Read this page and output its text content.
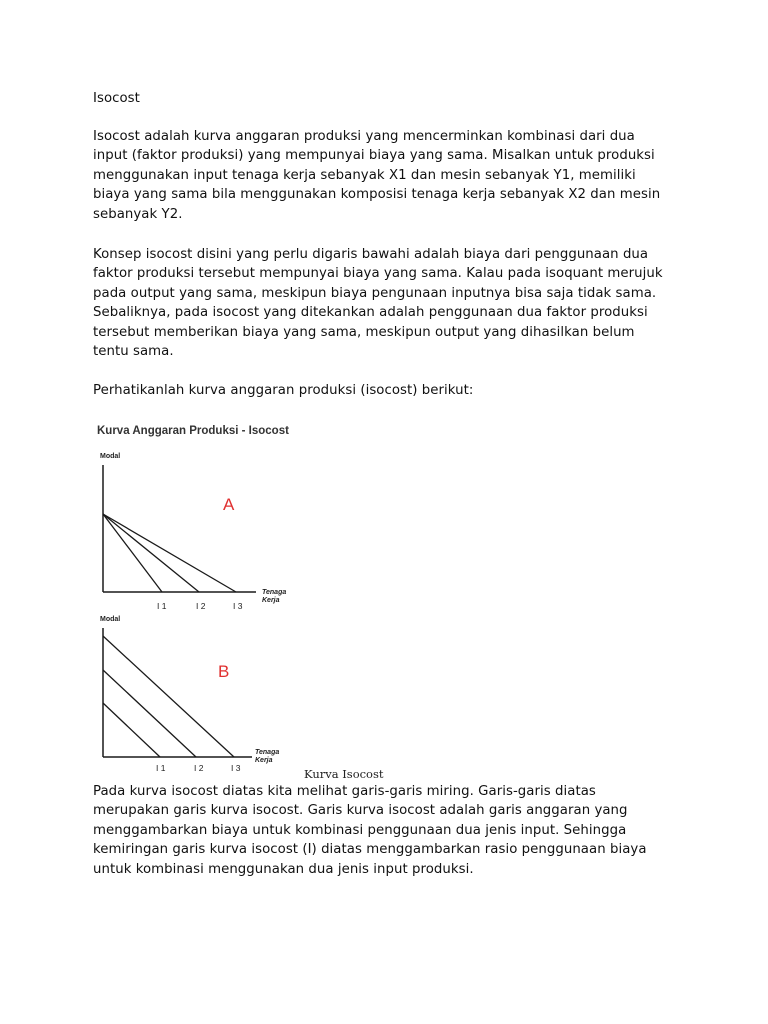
Isocost

Isocost adalah kurva anggaran produksi yang mencerminkan kombinasi dari dua
input (faktor produksi) yang mempunyai biaya yang sama. Misalkan untuk produksi
menggunakan input tenaga kerja sebanyak X1 dan mesin sebanyak Y1, memiliki
biaya yang sama bila menggunakan komposisi tenaga kerja sebanyak X2 dan mesin
sebanyak Y2.

Konsep isocost disini yang perlu digaris bawahi adalah biaya dari penggunaan dua
faktor produksi tersebut mempunyai biaya yang sama. Kalau pada isoquant merujuk
pada output yang sama, meskipun biaya pengunaan inputnya bisa saja tidak sama.
Sebaliknya, pada isocost yang ditekankan adalah penggunaan dua faktor produksi
tersebut memberikan biaya yang sama, meskipun output yang dihasilkan belum
tentu sama.

Perhatikanlah kurva anggaran produksi (isocost) berikut:

Kurva Anggaran Produksi - Isocost
Modal
A
Tenaga
Kerja
I 1	I 2	I 3
Modal
B
Tenaga
Kerja
I 1	I 2	I 3	Kurva Isocost

Pada kurva isocost diatas kita melihat garis-garis miring. Garis-garis diatas
merupakan garis kurva isocost. Garis kurva isocost adalah garis anggaran yang
menggambarkan biaya untuk kombinasi penggunaan dua jenis input. Sehingga
kemiringan garis kurva isocost (I) diatas menggambarkan rasio penggunaan biaya
untuk kombinasi menggunakan dua jenis input produksi.
